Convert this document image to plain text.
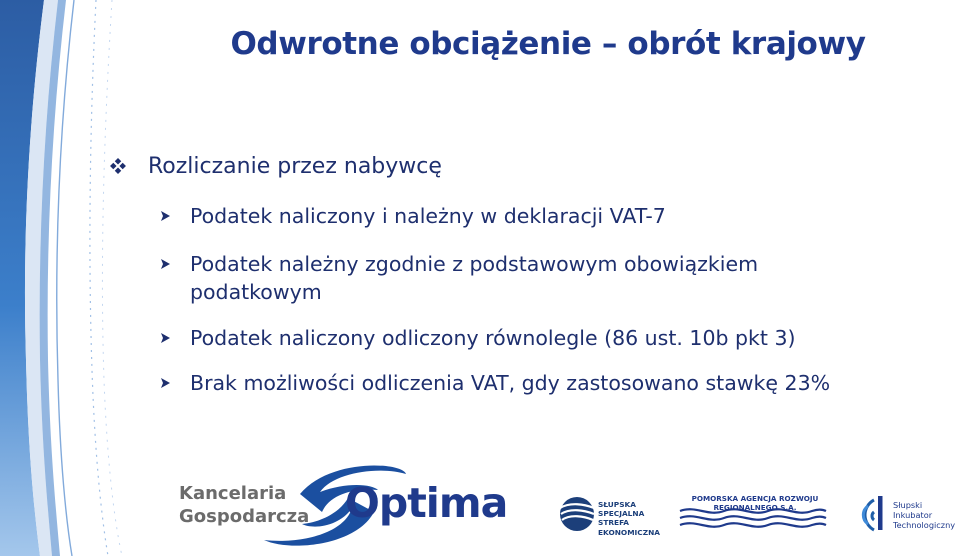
Odwrotne obciążenie – obrót krajowy
Rozliczanie przez nabywcę
Podatek naliczony i należny w deklaracji VAT-7
Podatek należny zgodnie z podstawowym obowiązkiem podatkowym
Podatek naliczony odliczony równolegle (86 ust. 10b pkt 3)
Brak możliwości odliczenia VAT, gdy zastosowano stawkę 23%
Kancelaria
Gospodarcza Optima	SŁUPSKA
SPECJALNA
STREFA
EKONOMICZNA
POMORSKA AGENCJA ROZWOJU
REGIONALNEGO S.A.	Słupski
Inkubator
Technologiczny
